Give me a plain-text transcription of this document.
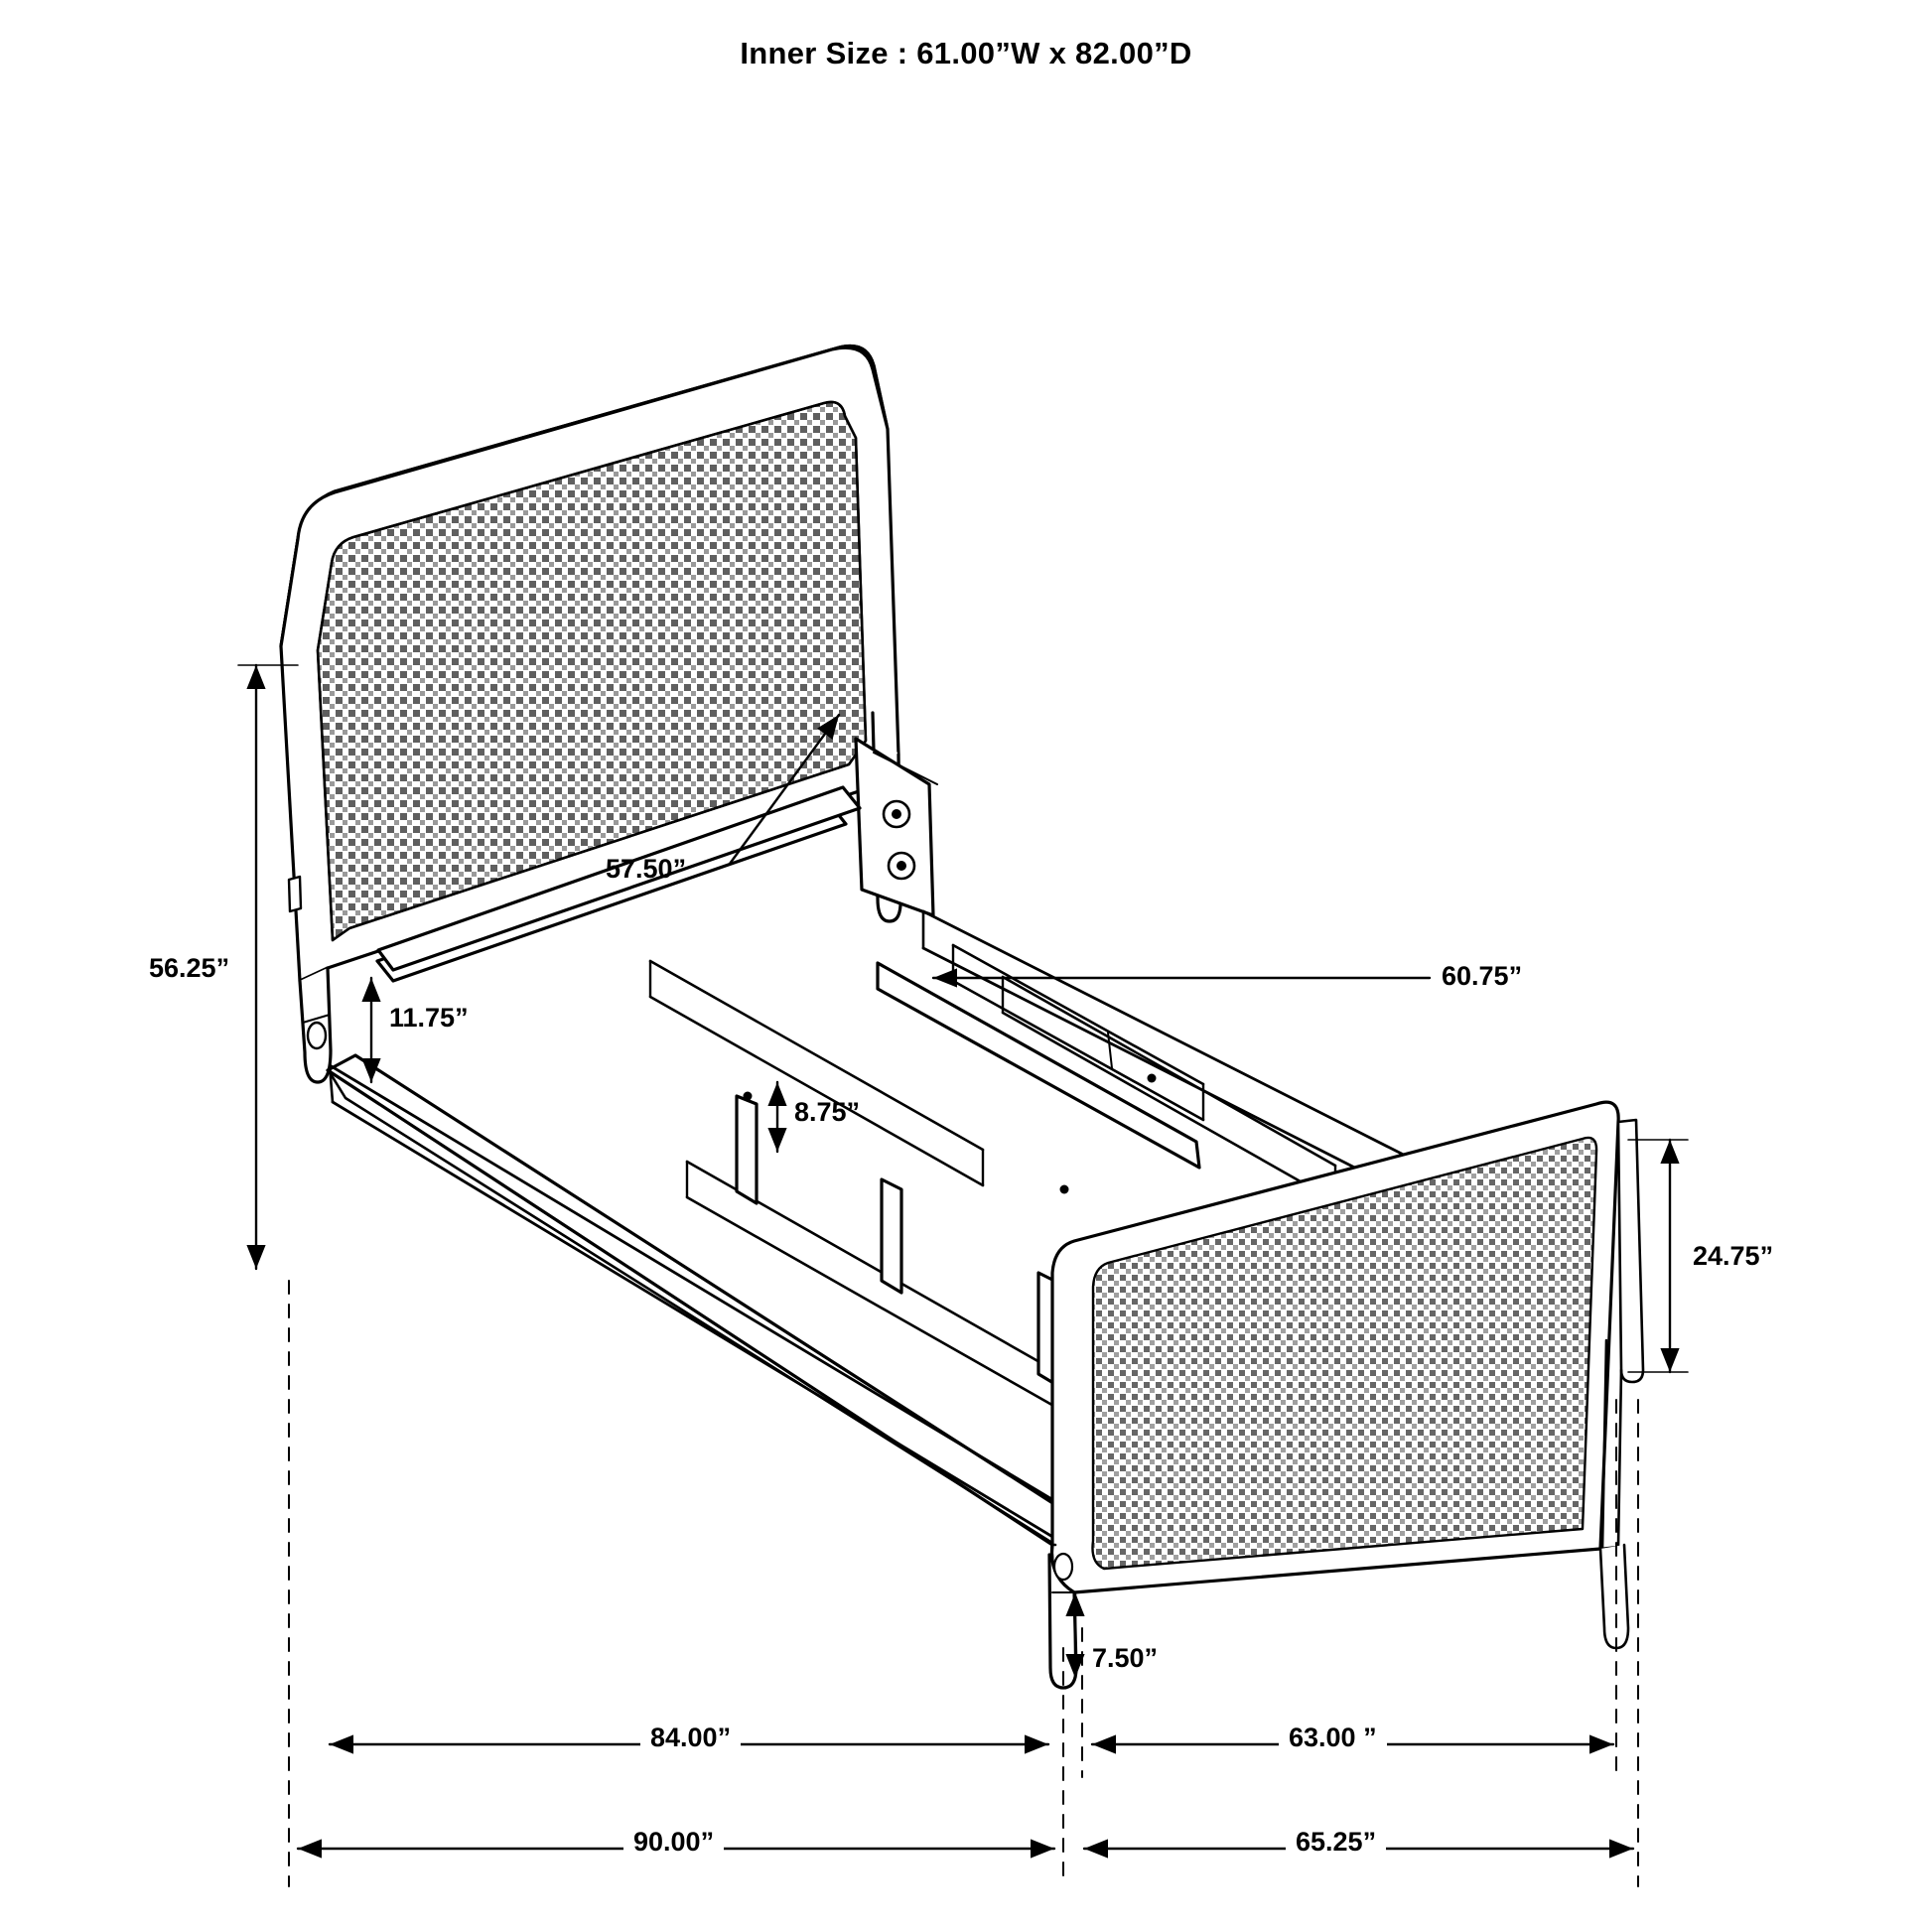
Inner Size : 61.00”W x 82.00”D
56.25”
57.50”
11.75”
8.75”
60.75”
24.75”
7.50”
84.00”	63.00 ”
90.00”	65.25”
